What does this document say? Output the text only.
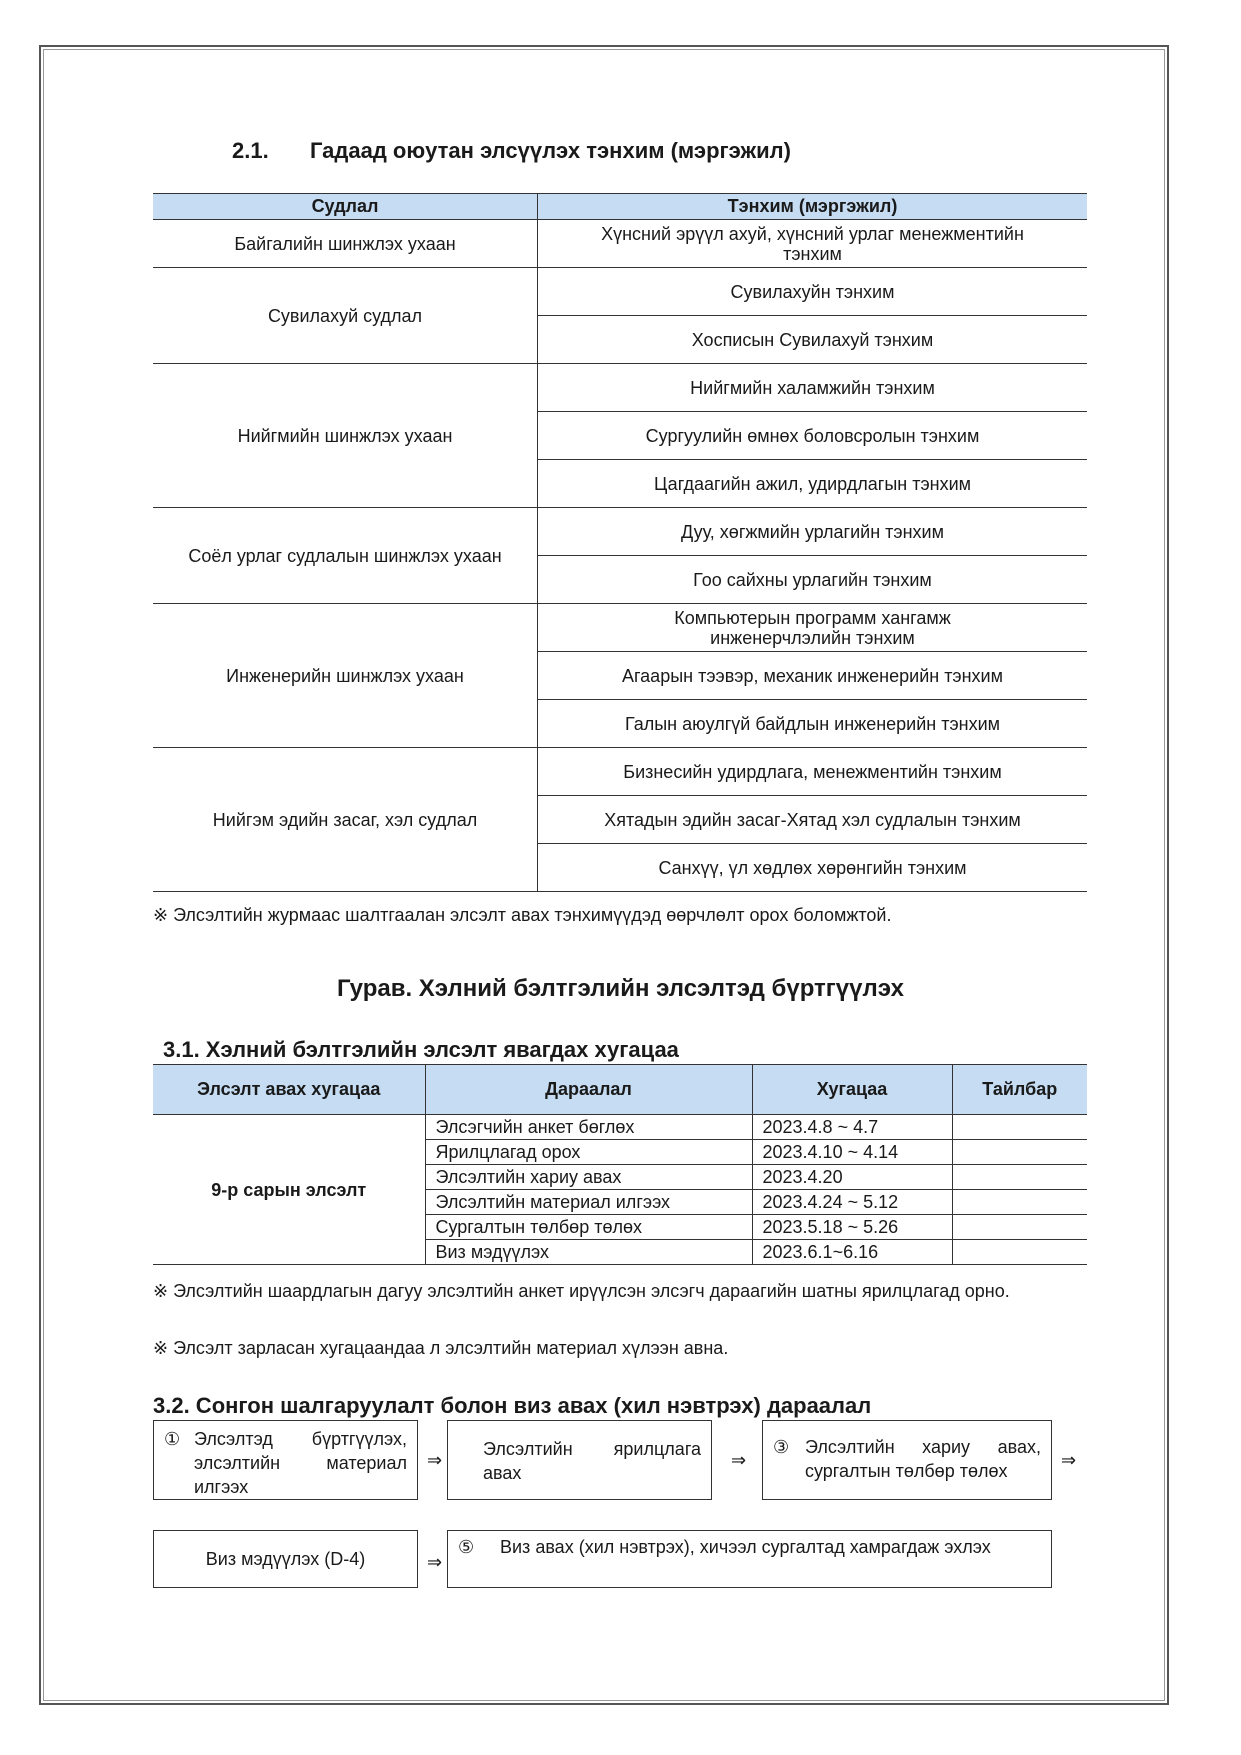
2.1. Гадаад оюутан элсүүлэх тэнхим (мэргэжил)
Судлал	Тэнхим (мэргэжил)
Байгалийн шинжлэх ухаан	Хүнсний эрүүл ахуй, хүнсний урлаг менежментийн тэнхим
Сувилахуй судлал	Сувилахуйн тэнхим
	Хосписын Сувилахуй тэнхим
Нийгмийн шинжлэх ухаан	Нийгмийн халамжийн тэнхим
	Сургуулийн өмнөх боловсролын тэнхим
	Цагдаагийн ажил, удирдлагын тэнхим
Соёл урлаг судлалын шинжлэх ухаан	Дуу, хөгжмийн урлагийн тэнхим
	Гоо сайхны урлагийн тэнхим
Инженерийн шинжлэх ухаан	Компьютерын программ хангамж инженерчлэлийн тэнхим
	Агаарын тээвэр, механик инженерийн тэнхим
	Галын аюулгүй байдлын инженерийн тэнхим
Нийгэм эдийн засаг, хэл судлал	Бизнесийн удирдлага, менежментийн тэнхим
	Хятадын эдийн засаг-Хятад хэл судлалын тэнхим
	Санхүү, үл хөдлөх хөрөнгийн тэнхим
※ Элсэлтийн журмаас шалтгаалан элсэлт авах тэнхимүүдэд өөрчлөлт орох боломжтой.
Гурав. Хэлний бэлтгэлийн элсэлтэд бүртгүүлэх
3.1. Хэлний бэлтгэлийн элсэлт явагдах хугацаа
Элсэлт авах хугацаа	Дараалал	Хугацаа	Тайлбар
9-р сарын элсэлт	Элсэгчийн анкет бөглөх	2023.4.8 ~ 4.7	
	Ярилцлагад орох	2023.4.10 ~ 4.14	
	Элсэлтийн хариу авах	2023.4.20	
	Элсэлтийн материал илгээх	2023.4.24 ~ 5.12	
	Сургалтын төлбөр төлөх	2023.5.18 ~ 5.26	
	Виз мэдүүлэх	2023.6.1~6.16	
※ Элсэлтийн шаардлагын дагуу элсэлтийн анкет ирүүлсэн элсэгч дараагийн шатны ярилцлагад орно.
※ Элсэлт зарласан хугацаандаа л элсэлтийн материал хүлээн авна.
3.2. Сонгон шалгаруулалт болон виз авах (хил нэвтрэх) дараалал
① Элсэлтэд бүртгүүлэх, элсэлтийн материал илгээх
⇒
Элсэлтийн ярилцлага авах
⇒
③ Элсэлтийн хариу авах, сургалтын төлбөр төлөх
⇒
Виз мэдүүлэх (D-4)	⇒
⑤	Виз авах (хил нэвтрэх), хичээл сургалтад хамрагдаж эхлэх
